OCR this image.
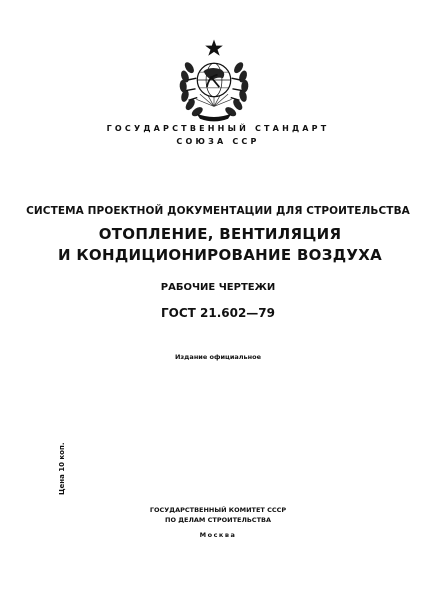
ГОСУДАРСТВЕННЫЙ СТАНДАРТ
СОЮЗА ССР
СИСТЕМА ПРОЕКТНОЙ ДОКУМЕНТАЦИИ ДЛЯ СТРОИТЕЛЬСТВА
ОТОПЛЕНИЕ, ВЕНТИЛЯЦИЯ
И КОНДИЦИОНИРОВАНИЕ ВОЗДУХА
РАБОЧИЕ ЧЕРТЕЖИ
ГОСТ 21.602—79
Издание официальное
Цена 10 коп.
ГОСУДАРСТВЕННЫЙ КОМИТЕТ СССР
ПО ДЕЛАМ СТРОИТЕЛЬСТВА
Москва
